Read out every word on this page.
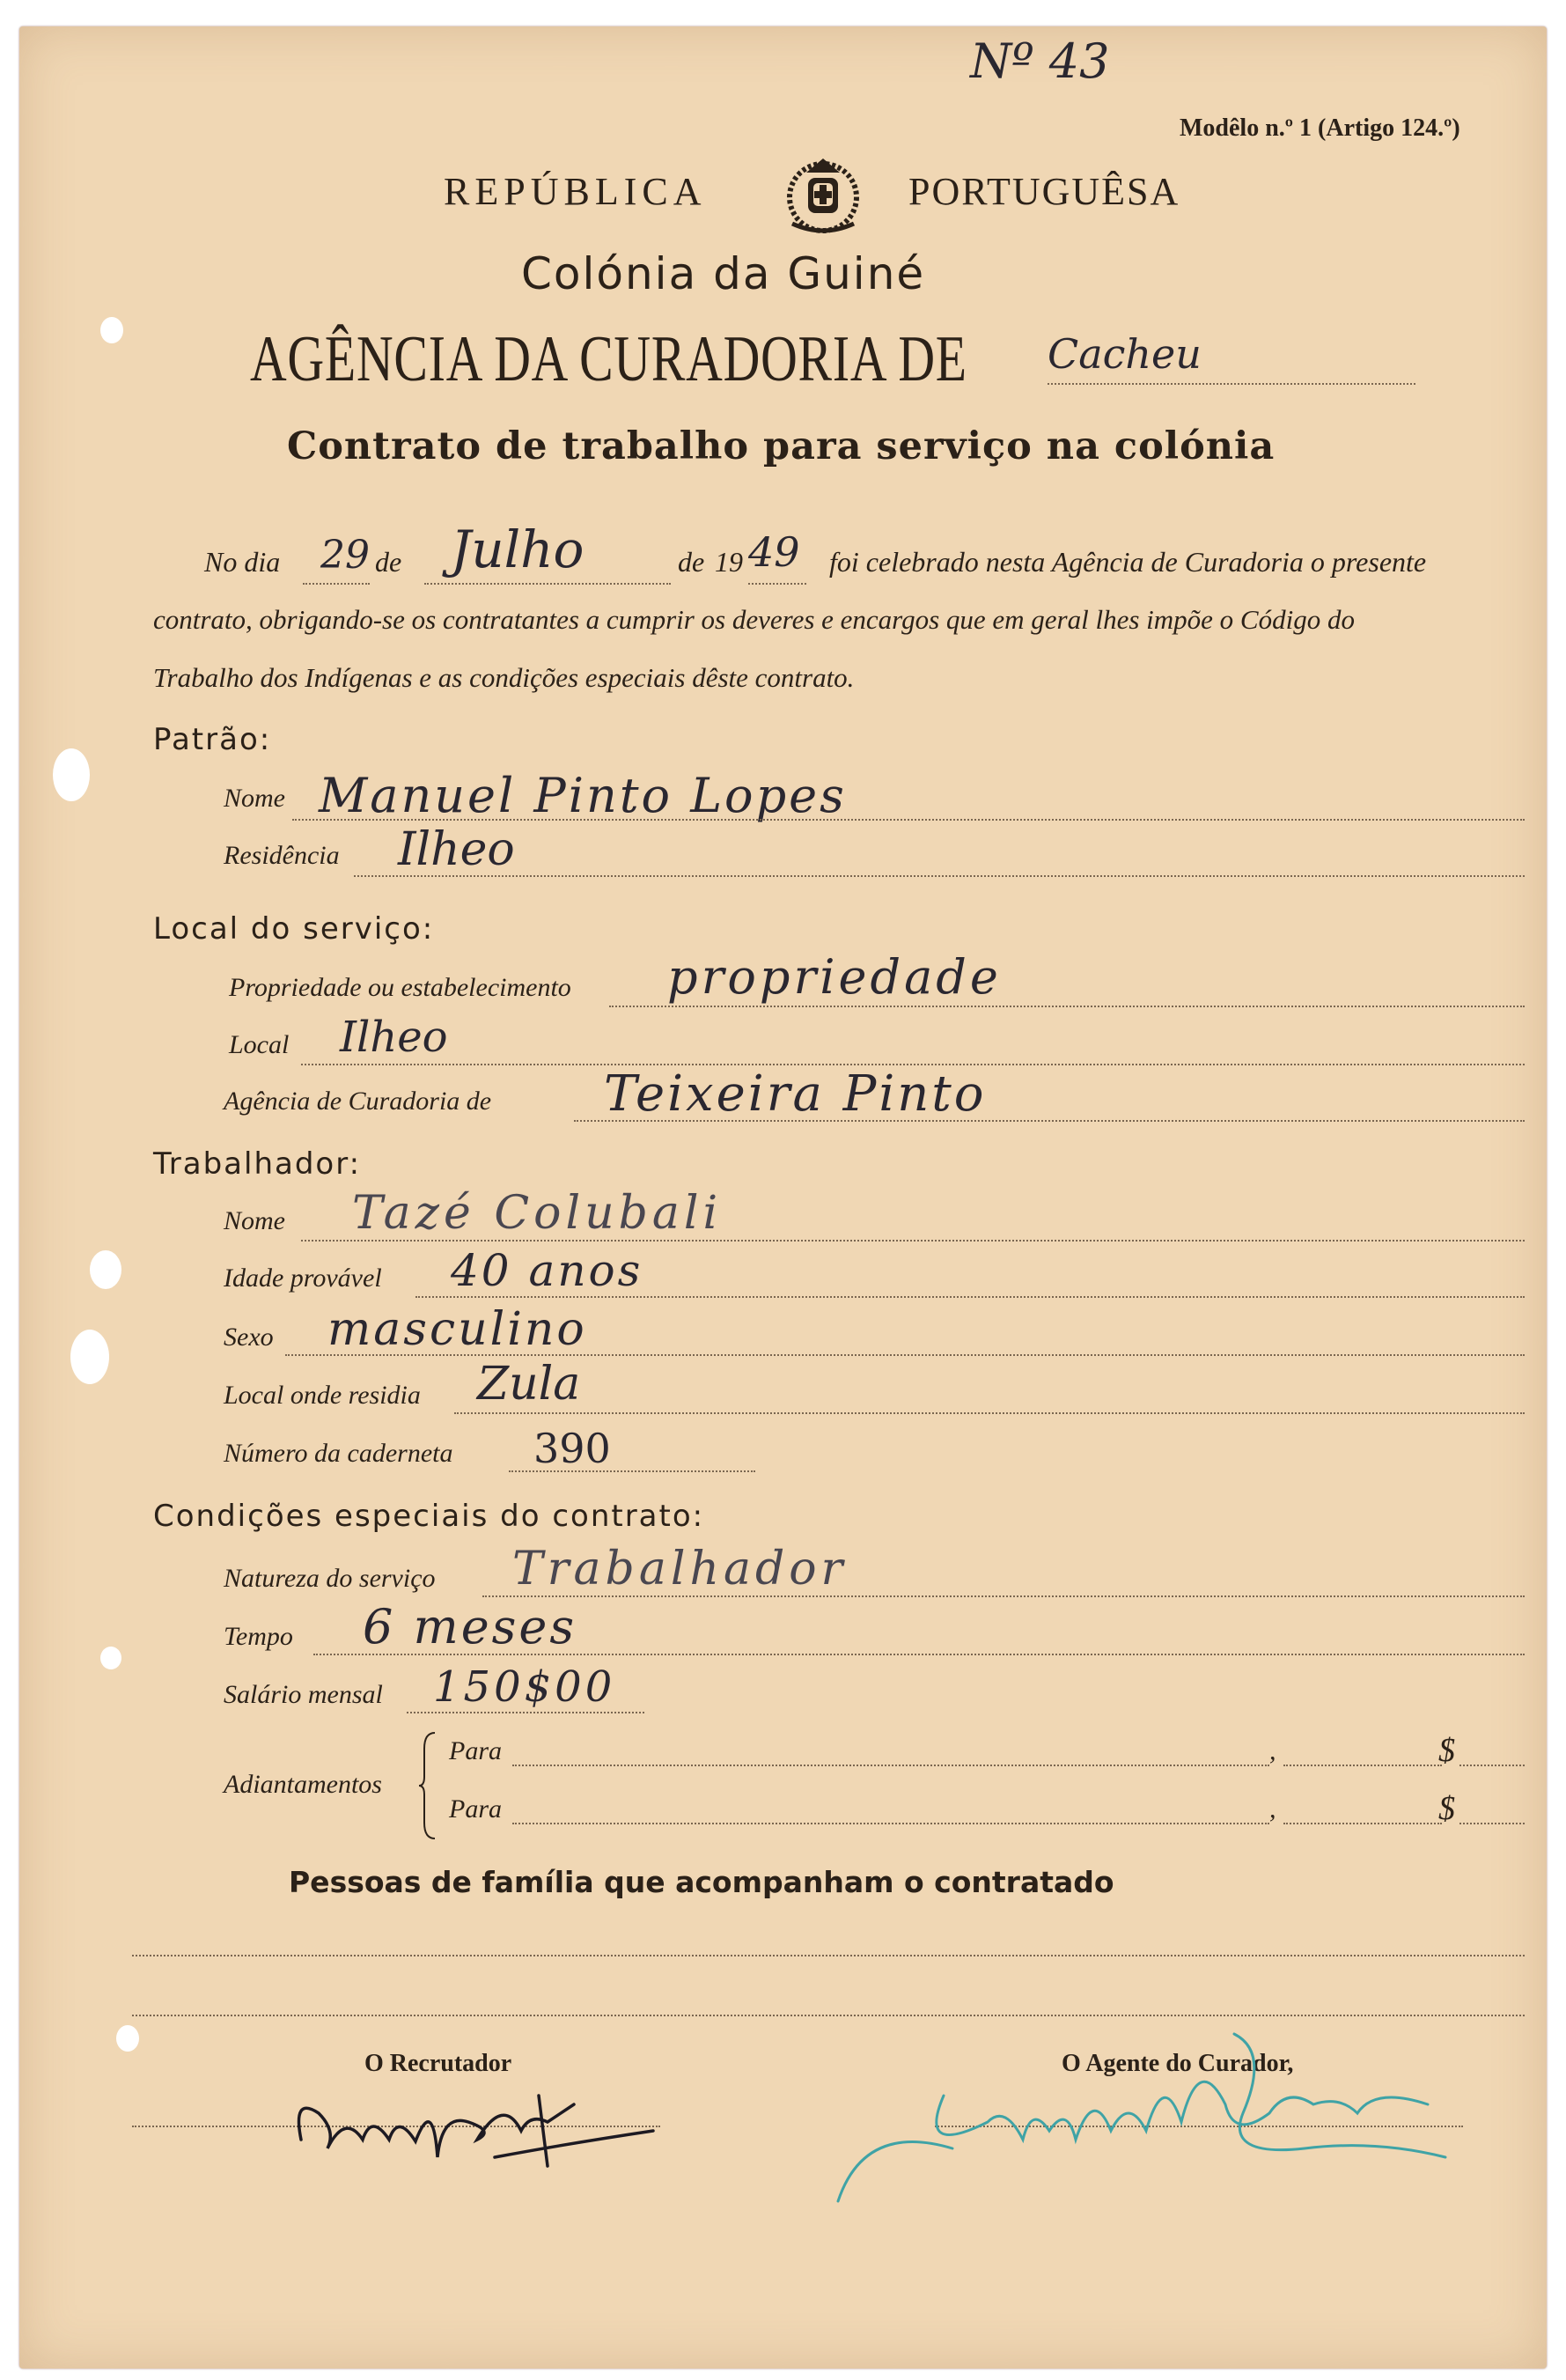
Nº 43
Modêlo n.º 1 (Artigo 124.º)
REPÚBLICA	PORTUGUÊSA
Colónia da Guiné
AGÊNCIA DA CURADORIA DE Cacheu
Contrato de trabalho para serviço na colónia
No dia 29 de Julho	de 19 49 foi celebrado nesta Agência de Curadoria o presente
contrato, obrigando-se os contratantes a cumprir os deveres e encargos que em geral lhes impõe o Código do
Trabalho dos Indígenas e as condições especiais dêste contrato.
Patrão:
Nome Manuel Pinto Lopes
Residência Ilheo
Local do serviço:
Propriedade ou estabelecimento propriedade
Local Ilheo
Agência de Curadoria de Teixeira Pinto
Trabalhador:
Nome Tazé Colubali
Idade provável 40 anos
Sexo masculino
Local onde residia Zula
Número da caderneta 390
Condições especiais do contrato:
Natureza do serviço Trabalhador
Tempo 6 meses
Salário mensal 150$00
Adiantamentos
Para	,	$
Para	,	$
Pessoas de família que acompanham o contratado
O Recrutador	O Agente do Curador,
